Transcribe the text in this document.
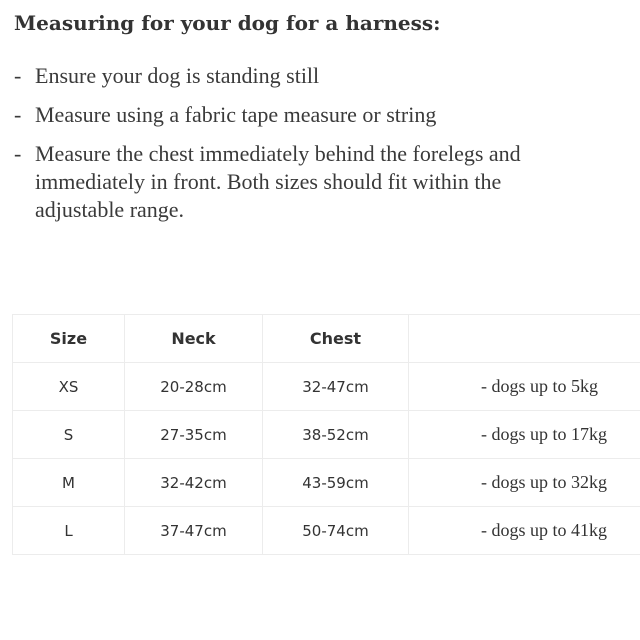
Measuring for your dog for a harness:
- Ensure your dog is standing still
- Measure using a fabric tape measure or string
- Measure the chest immediately behind the forelegs and immediately in front. Both sizes should fit within the adjustable range.
Size	Neck	Chest	
XS	20-28cm	32-47cm	- dogs up to 5kg
S	27-35cm	38-52cm	- dogs up to 17kg
M	32-42cm	43-59cm	- dogs up to 32kg
L	37-47cm	50-74cm	- dogs up to 41kg
